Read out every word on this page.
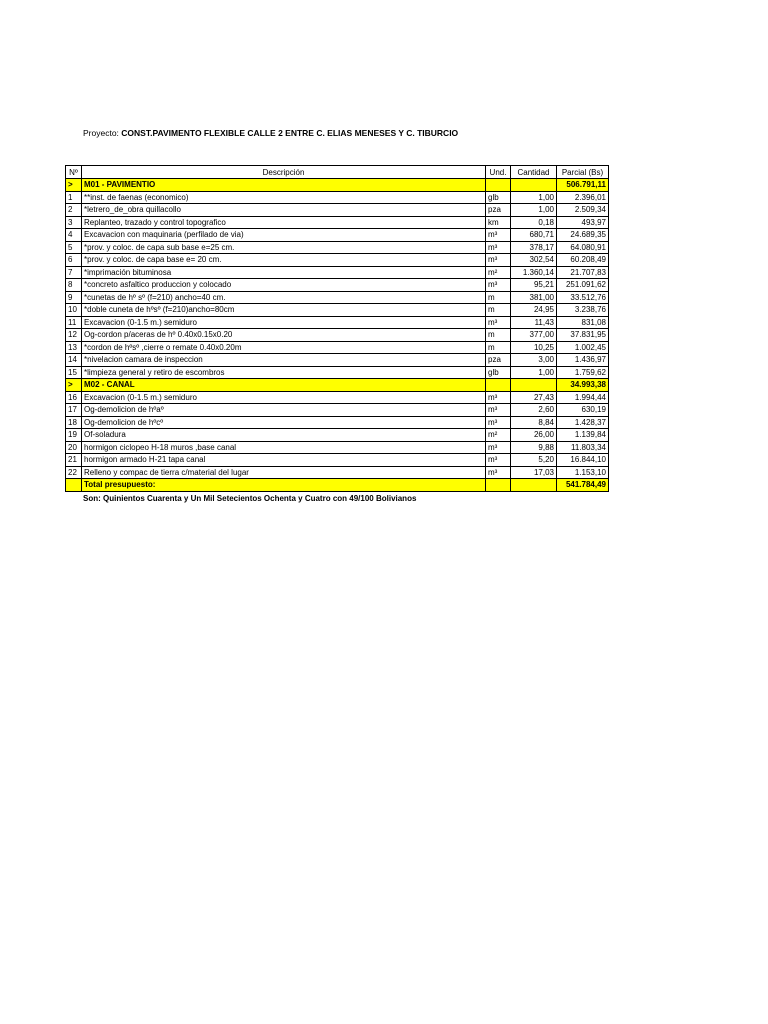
Proyecto: CONST.PAVIMENTO FLEXIBLE CALLE 2 ENTRE C. ELIAS MENESES Y C. TIBURCIO
Nº	Descripción	Und.	Cantidad	Parcial (Bs)
>	M01 - PAVIMENTIO			506.791,11
1	**inst. de faenas (economico)	glb	1,00	2.396,01
2	*letrero_de_obra quillacollo	pza	1,00	2.509,34
3	Replanteo, trazado y control topografico	km	0,18	493,97
4	Excavacion con maquinaria (perfilado de via)	m³	680,71	24.689,35
5	*prov. y coloc. de capa sub base e=25 cm.	m³	378,17	64.080,91
6	*prov. y coloc. de capa base e= 20 cm.	m³	302,54	60.208,49
7	*imprimación bituminosa	m²	1.360,14	21.707,83
8	*concreto asfaltico produccion y colocado	m³	95,21	251.091,62
9	*cunetas de hº sº (f=210) ancho=40 cm.	m	381,00	33.512,76
10	*doble cuneta de hºsº (f=210)ancho=80cm	m	24,95	3.238,76
11	Excavacion (0-1.5 m.) semiduro	m³	11,43	831,08
12	Og-cordon p/aceras de hº 0.40x0.15x0.20	m	377,00	37.831,95
13	*cordon de hºsº ,cierre o remate 0.40x0.20m	m	10,25	1.002,45
14	*nivelacion camara de inspeccion	pza	3,00	1.436,97
15	*limpieza general y retiro de escombros	glb	1,00	1.759,62
>	M02 - CANAL			34.993,38
16	Excavacion (0-1.5 m.) semiduro	m³	27,43	1.994,44
17	Og-demolicion de hºaº	m³	2,60	630,19
18	Og-demolicion de hºcº	m³	8,84	1.428,37
19	Of-soladura	m²	26,00	1.139,84
20	hormigon ciclopeo H-18 muros ,base canal	m³	9,88	11.803,34
21	hormigon armado H-21 tapa canal	m³	5,20	16.844,10
22	Relleno y compac de tierra c/material del lugar	m³	17,03	1.153,10
	Total presupuesto:			541.784,49
Son: Quinientos Cuarenta y Un Mil Setecientos Ochenta y Cuatro con 49/100 Bolivianos
